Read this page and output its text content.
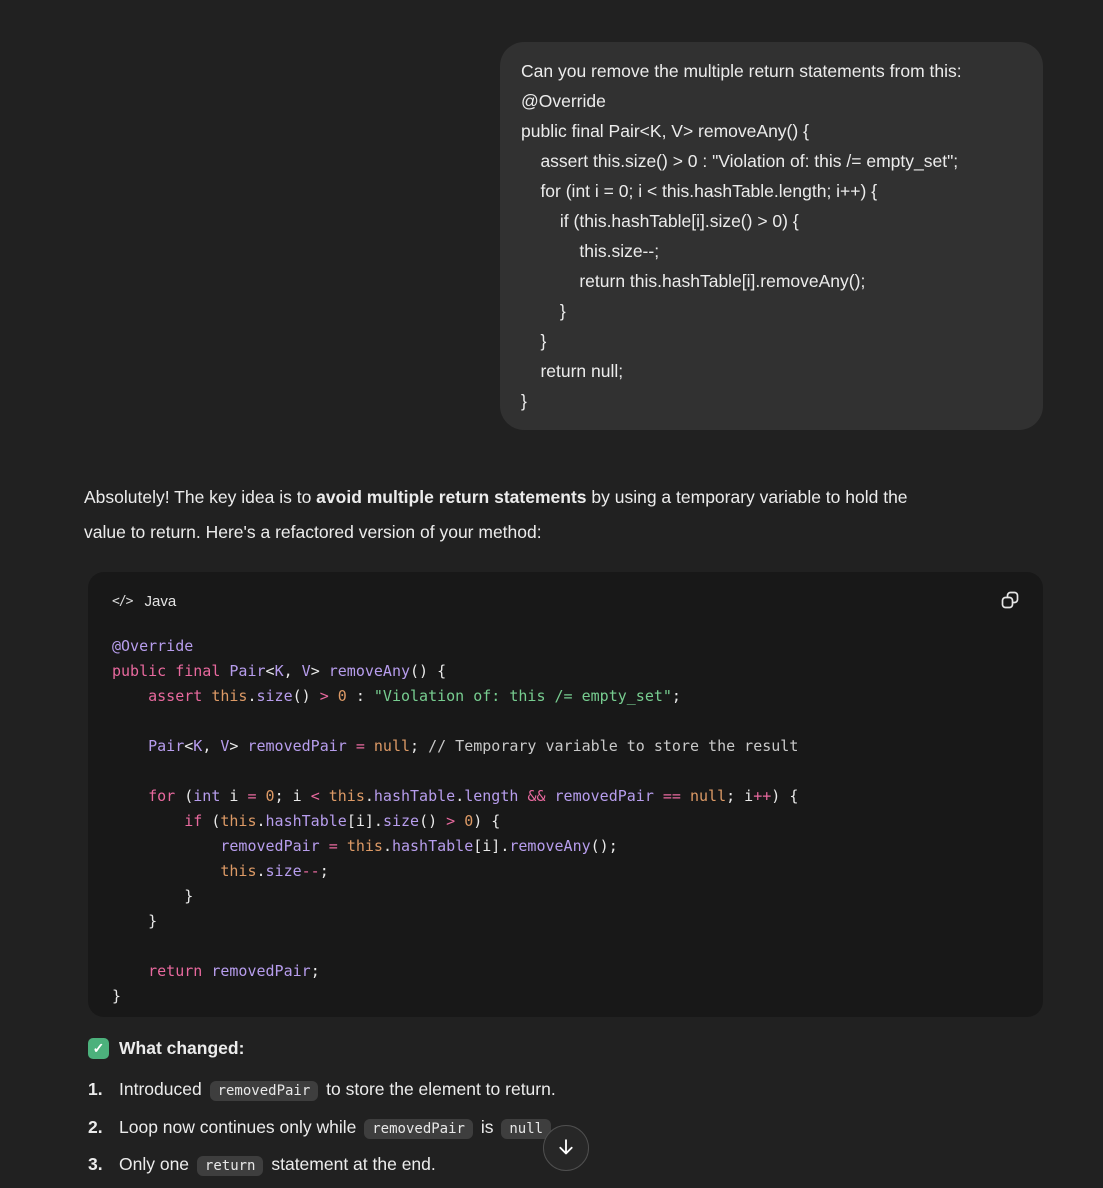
Can you remove the multiple return statements from this:
@Override
public final Pair<K, V> removeAny() {
assert this.size() > 0 : "Violation of: this /= empty_set";
for (int i = 0; i < this.hashTable.length; i++) {
if (this.hashTable[i].size() > 0) {
this.size--;
return this.hashTable[i].removeAny();
}
}
return null;
}
Absolutely! The key idea is to avoid multiple return statements by using a temporary variable to hold the
value to return. Here's a refactored version of your method:
</> Java
@Override
public final Pair<K, V> removeAny() {
assert this.size() > 0 : "Violation of: this /= empty_set";

Pair<K, V> removedPair = null; // Temporary variable to store the result

for (int i = 0; i < this.hashTable.length && removedPair == null; i++) {
if (this.hashTable[i].size() > 0) {
removedPair = this.hashTable[i].removeAny();
this.size--;
}
}

return removedPair;
}
✓ What changed:
1. Introduced removedPair to store the element to return.
2. Loop now continues only while removedPair is null
3. Only one return statement at the end.
